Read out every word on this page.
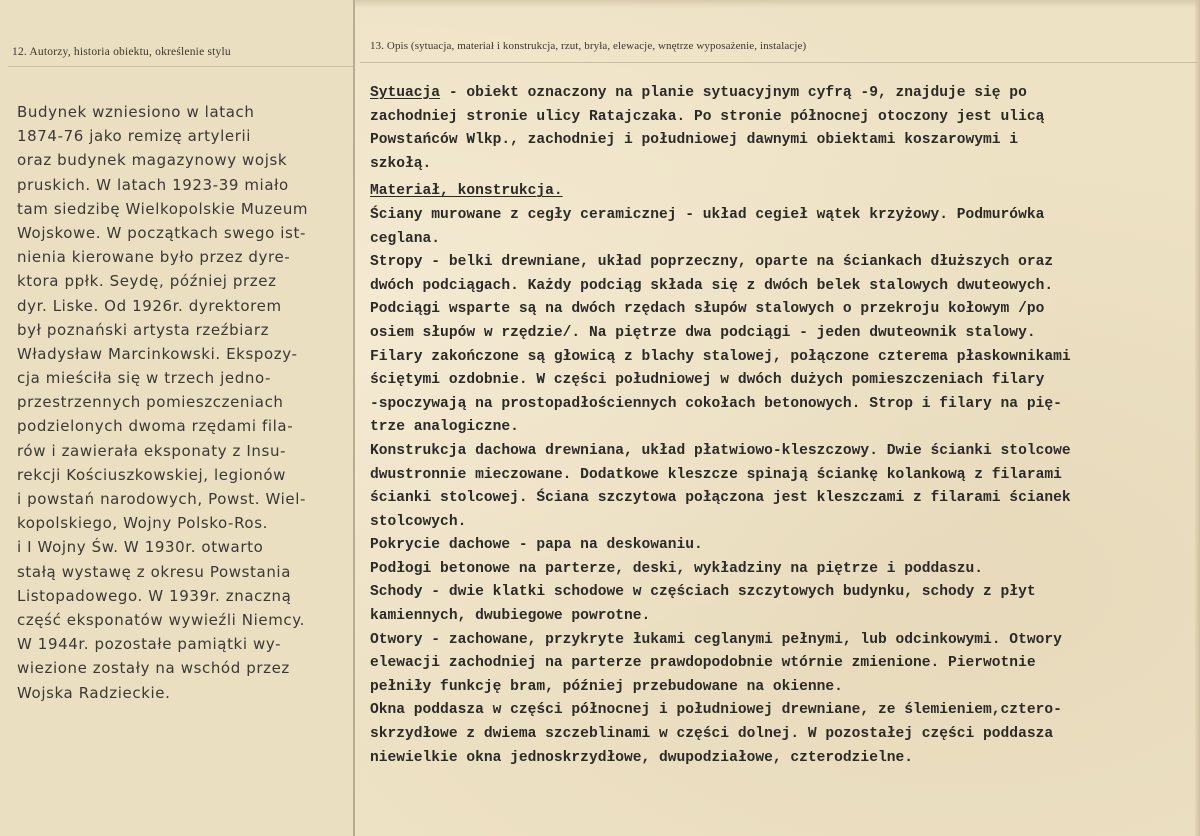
12. Autorzy, historia obiektu, określenie stylu
Budynek wzniesiono w latach
1874-76 jako remizę artylerii
oraz budynek magazynowy wojsk
pruskich. W latach 1923-39 miało
tam siedzibę Wielkopolskie Muzeum
Wojskowe. W początkach swego ist-
nienia kierowane było przez dyre-
ktora ppłk. Seydę, później przez
dyr. Liske. Od 1926r. dyrektorem
był poznański artysta rzeźbiarz
Władysław Marcinkowski. Ekspozy-
cja mieściła się w trzech jedno-
przestrzennych pomieszczeniach
podzielonych dwoma rzędami fila-
rów i zawierała eksponaty z Insu-
rekcji Kościuszkowskiej, legionów
i powstań narodowych, Powst. Wiel-
kopolskiego, Wojny Polsko-Ros.
i I Wojny Św. W 1930r. otwarto
stałą wystawę z okresu Powstania
Listopadowego. W 1939r. znaczną
część eksponatów wywieźli Niemcy.
W 1944r. pozostałe pamiątki wy-
wiezione zostały na wschód przez
Wojska Radzieckie.
13. Opis (sytuacja, materiał i konstrukcja, rzut, bryła, elewacje, wnętrze wyposażenie, instalacje)
Sytuacja - obiekt oznaczony na planie sytuacyjnym cyfrą -9, znajduje się po
zachodniej stronie ulicy Ratajczaka. Po stronie północnej otoczony jest ulicą
Powstańców Wlkp., zachodniej i południowej dawnymi obiektami koszarowymi i
szkołą.
Materiał, konstrukcja.
Ściany murowane z cegły ceramicznej - układ cegieł wątek krzyżowy. Podmurówka
ceglana.
Stropy - belki drewniane, układ poprzeczny, oparte na ściankach dłuższych oraz
dwóch podciągach. Każdy podciąg składa się z dwóch belek stalowych dwuteowych.
Podciągi wsparte są na dwóch rzędach słupów stalowych o przekroju kołowym /po
osiem słupów w rzędzie/. Na piętrze dwa podciągi - jeden dwuteownik stalowy.
Filary zakończone są głowicą z blachy stalowej, połączone czterema płaskownikami
ściętymi ozdobnie. W części południowej w dwóch dużych pomieszczeniach filary
-spoczywają na prostopadłościennych cokołach betonowych. Strop i filary na pię-
trze analogiczne.
Konstrukcja dachowa drewniana, układ płatwiowo-kleszczowy. Dwie ścianki stolcowe
dwustronnie mieczowane. Dodatkowe kleszcze spinają ściankę kolankową z filarami
ścianki stolcowej. Ściana szczytowa połączona jest kleszczami z filarami ścianek
stolcowych.
Pokrycie dachowe - papa na deskowaniu.
Podłogi betonowe na parterze, deski, wykładziny na piętrze i poddaszu.
Schody - dwie klatki schodowe w częściach szczytowych budynku, schody z płyt
kamiennych, dwubiegowe powrotne.
Otwory - zachowane, przykryte łukami ceglanymi pełnymi, lub odcinkowymi. Otwory
elewacji zachodniej na parterze prawdopodobnie wtórnie zmienione. Pierwotnie
pełniły funkcję bram, później przebudowane na okienne.
Okna poddasza w części północnej i południowej drewniane, ze ślemieniem,cztero-
skrzydłowe z dwiema szczeblinami w części dolnej. W pozostałej części poddasza
niewielkie okna jednoskrzydłowe, dwupodziałowe, czterodzielne.
